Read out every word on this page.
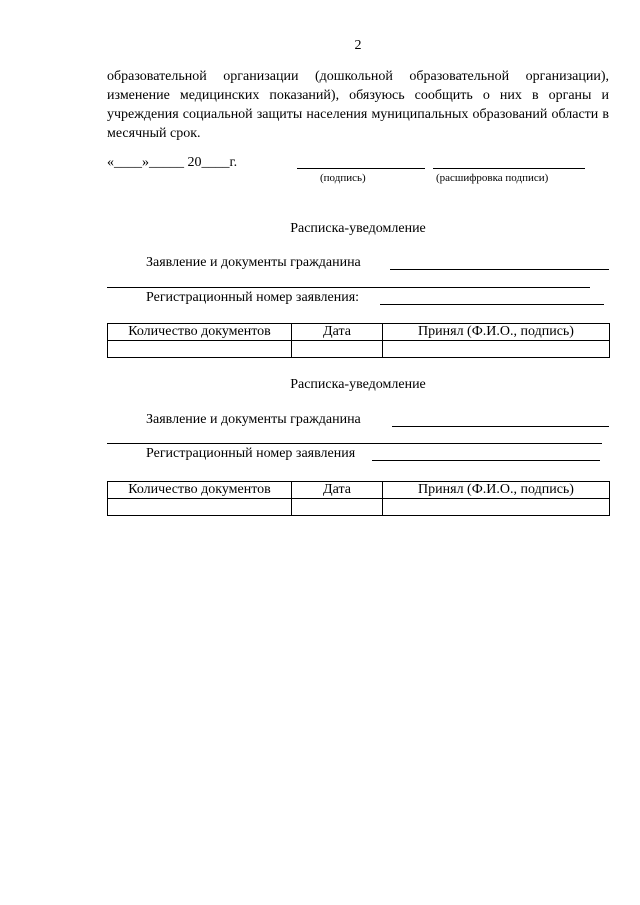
2
образовательной организации (дошкольной образовательной организации), изменение медицинских показаний), обязуюсь сообщить о них в органы и учреждения социальной защиты населения муниципальных образований области в месячный срок.
«____»_____ 20____г.
(подпись)	(расшифровка подписи)
Расписка-уведомление
Заявление и документы гражданина
Регистрационный номер заявления:
Количество документов	Дата	Принял (Ф.И.О., подпись)

Расписка-уведомление
Заявление и документы гражданина
Регистрационный номер заявления
Количество документов	Дата	Принял (Ф.И.О., подпись)
